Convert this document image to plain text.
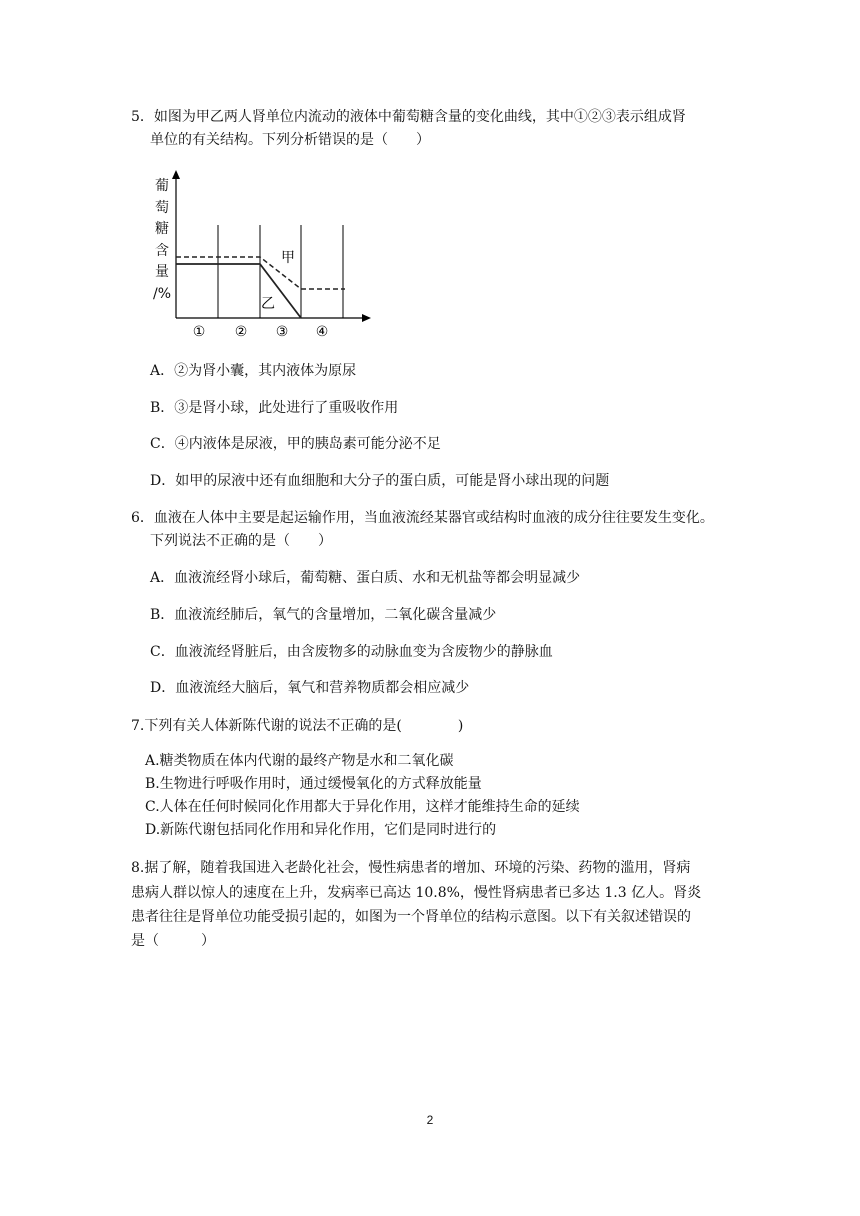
5．如图为甲乙两人肾单位内流动的液体中葡萄糖含量的变化曲线，其中①②③表示组成肾
单位的有关结构。下列分析错误的是（　　）
葡
萄
糖
含
量
/%
甲
乙
① ② ③ ④
A．②为肾小囊，其内液体为原尿
B．③是肾小球，此处进行了重吸收作用
C．④内液体是尿液，甲的胰岛素可能分泌不足
D．如甲的尿液中还有血细胞和大分子的蛋白质，可能是肾小球出现的问题
6．血液在人体中主要是起运输作用，当血液流经某器官或结构时血液的成分往往要发生变化。
下列说法不正确的是（　　）
A．血液流经肾小球后，葡萄糖、蛋白质、水和无机盐等都会明显减少
B．血液流经肺后，氧气的含量增加，二氧化碳含量减少
C．血液流经肾脏后，由含废物多的动脉血变为含废物少的静脉血
D．血液流经大脑后，氧气和营养物质都会相应减少
7.下列有关人体新陈代谢的说法不正确的是(　　　　)
A.糖类物质在体内代谢的最终产物是水和二氧化碳
B.生物进行呼吸作用时，通过缓慢氧化的方式释放能量
C.人体在任何时候同化作用都大于异化作用，这样才能维持生命的延续
D.新陈代谢包括同化作用和异化作用，它们是同时进行的
8.据了解，随着我国进入老龄化社会，慢性病患者的增加、环境的污染、药物的滥用，肾病
患病人群以惊人的速度在上升，发病率已高达 10.8%，慢性肾病患者已多达 1.3 亿人。肾炎
患者往往是肾单位功能受损引起的，如图为一个肾单位的结构示意图。以下有关叙述错误的
是（　　　）
2
